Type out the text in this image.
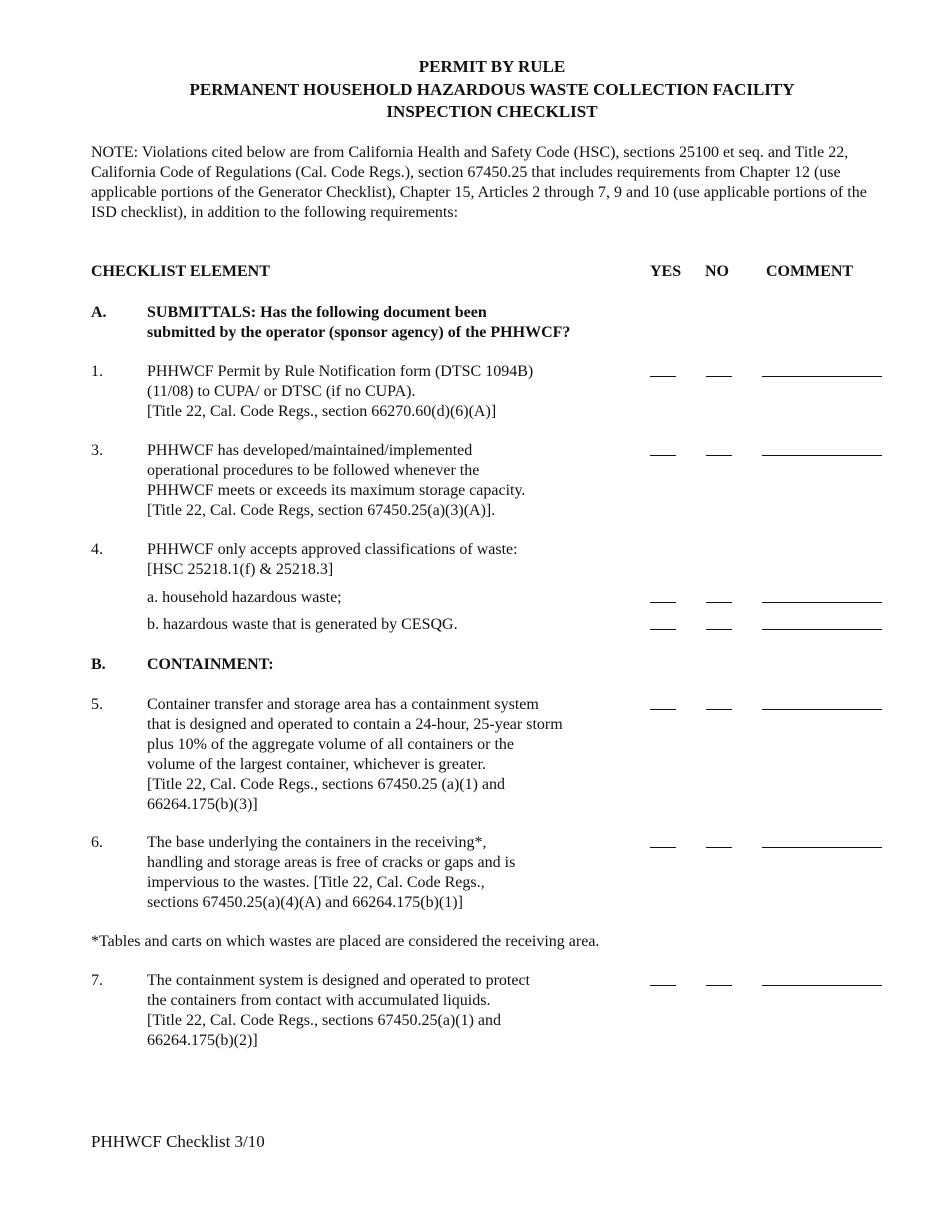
PERMIT BY RULE
PERMANENT HOUSEHOLD HAZARDOUS WASTE COLLECTION FACILITY
INSPECTION CHECKLIST
NOTE: Violations cited below are from California Health and Safety Code (HSC), sections 25100 et seq. and Title 22, California Code of Regulations (Cal. Code Regs.), section 67450.25 that includes requirements from Chapter 12 (use applicable portions of the Generator Checklist), Chapter 15, Articles 2 through 7, 9 and 10 (use applicable portions of the ISD checklist), in addition to the following requirements:
CHECKLIST ELEMENT	YES NO COMMENT
A.	SUBMITTALS: Has the following document been
submitted by the operator (sponsor agency) of the PHHWCF?
1.	PHHWCF Permit by Rule Notification form (DTSC 1094B)
(11/08) to CUPA/ or DTSC (if no CUPA).
[Title 22, Cal. Code Regs., section 66270.60(d)(6)(A)]
3.	PHHWCF has developed/maintained/implemented
operational procedures to be followed whenever the
PHHWCF meets or exceeds its maximum storage capacity.
[Title 22, Cal. Code Regs, section 67450.25(a)(3)(A)].
4.	PHHWCF only accepts approved classifications of waste:
[HSC 25218.1(f) & 25218.3]
a. household hazardous waste;
b. hazardous waste that is generated by CESQG.
B.	CONTAINMENT:
5.	Container transfer and storage area has a containment system
that is designed and operated to contain a 24-hour, 25-year storm
plus 10% of the aggregate volume of all containers or the
volume of the largest container, whichever is greater.
[Title 22, Cal. Code Regs., sections 67450.25 (a)(1) and
66264.175(b)(3)]
6.	The base underlying the containers in the receiving*,
handling and storage areas is free of cracks or gaps and is
impervious to the wastes. [Title 22, Cal. Code Regs.,
sections 67450.25(a)(4)(A) and 66264.175(b)(1)]
*Tables and carts on which wastes are placed are considered the receiving area.
7.	The containment system is designed and operated to protect
the containers from contact with accumulated liquids.
[Title 22, Cal. Code Regs., sections 67450.25(a)(1) and
66264.175(b)(2)]
PHHWCF Checklist 3/10
